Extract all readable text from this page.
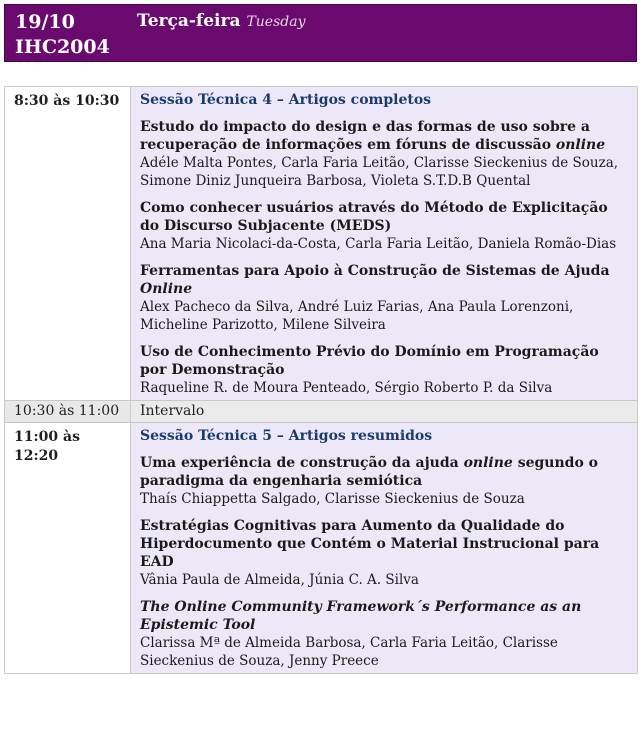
19/10
IHC2004
Terça-feira Tuesday
8:30 às 10:30	Sessão Técnica 4 – Artigos completos
Estudo do impacto do design e das formas de uso sobre a recuperação de informações em fóruns de discussão online
Adéle Malta Pontes, Carla Faria Leitão, Clarisse Sieckenius de Souza, Simone Diniz Junqueira Barbosa, Violeta S.T.D.B Quental
Como conhecer usuários através do Método de Explicitação do Discurso Subjacente (MEDS)
Ana Maria Nicolaci-da-Costa, Carla Faria Leitão, Daniela Romão-Dias
Ferramentas para Apoio à Construção de Sistemas de Ajuda Online
Alex Pacheco da Silva, André Luiz Farias, Ana Paula Lorenzoni, Micheline Parizotto, Milene Silveira
Uso de Conhecimento Prévio do Domínio em Programação por Demonstração
Raqueline R. de Moura Penteado, Sérgio Roberto P. da Silva
10:30 às 11:00	Intervalo
11:00 às 12:20
Sessão Técnica 5 – Artigos resumidos
Uma experiência de construção da ajuda online segundo o paradigma da engenharia semiótica
Thaís Chiappetta Salgado, Clarisse Sieckenius de Souza
Estratégias Cognitivas para Aumento da Qualidade do Hiperdocumento que Contém o Material Instrucional para EAD
Vânia Paula de Almeida, Júnia C. A. Silva
The Online Community Framework´s Performance as an Epistemic Tool
Clarissa Mª de Almeida Barbosa, Carla Faria Leitão, Clarisse Sieckenius de Souza, Jenny Preece
